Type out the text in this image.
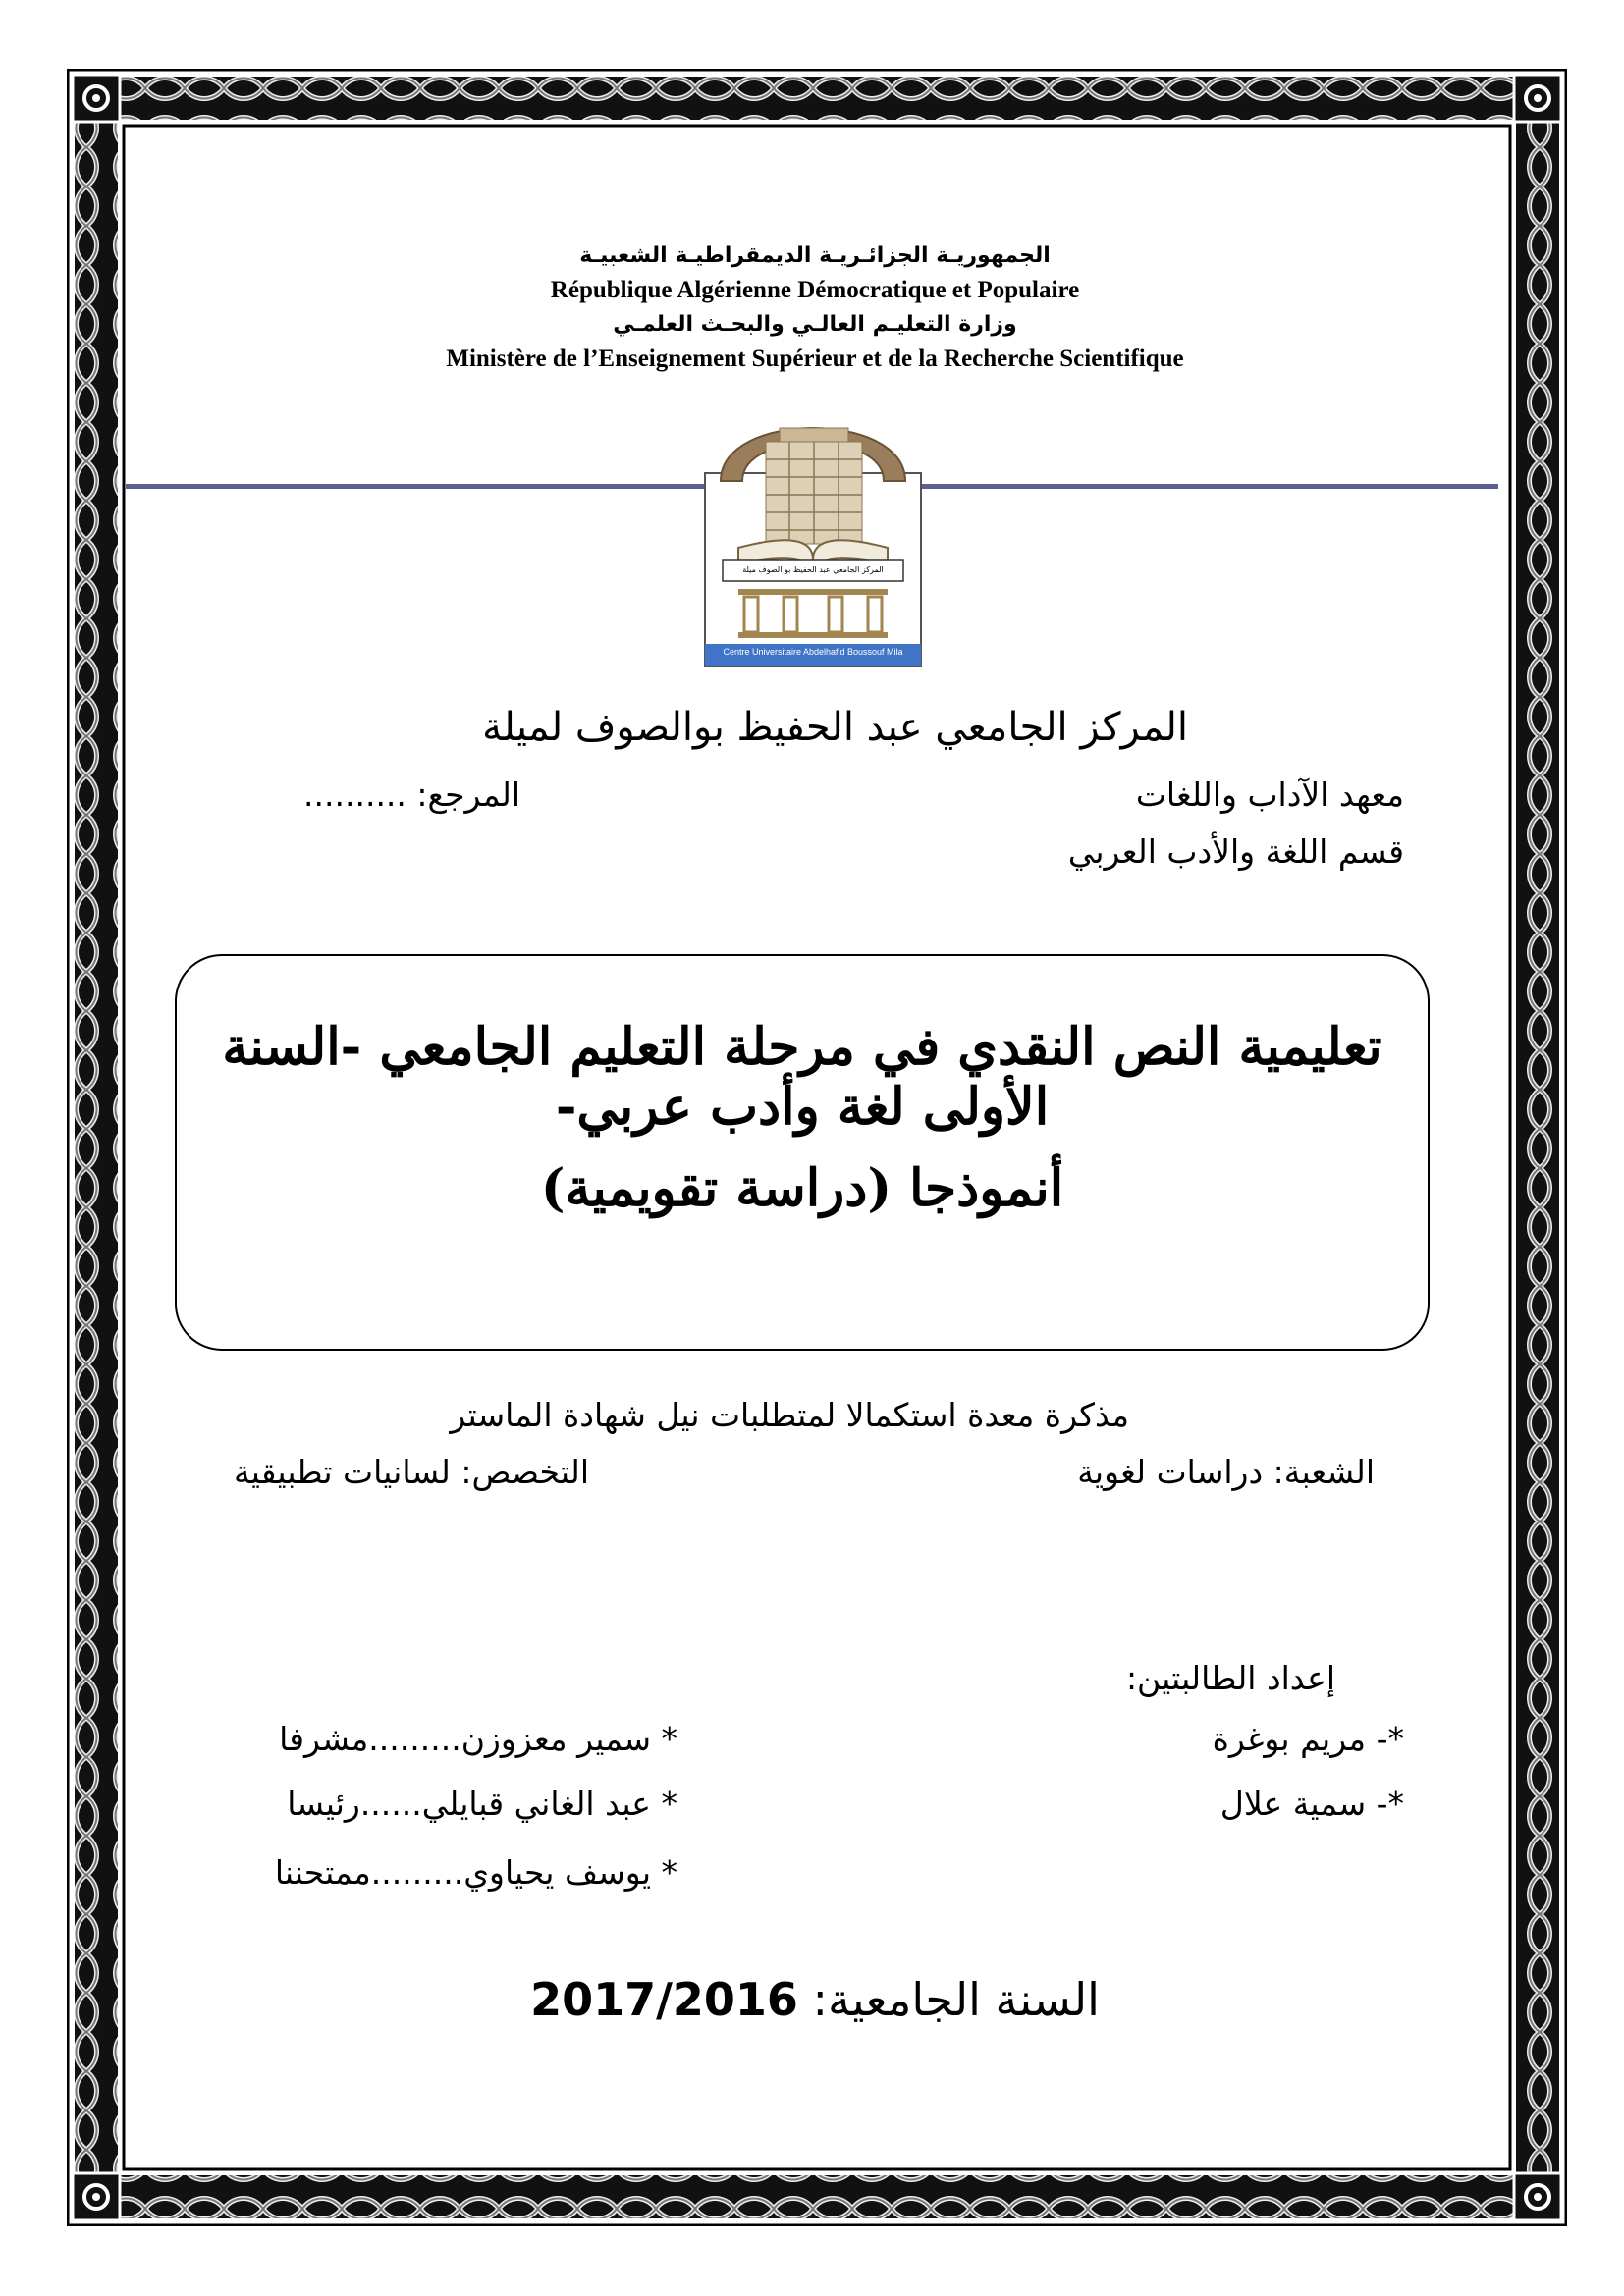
الجمهوريـة الجزائـريـة الديمقراطيـة الشعبيـة
République Algérienne Démocratique et Populaire
وزارة التعليـم العالـي والبحـث العلمـي
Ministère de l’Enseignement Supérieur et de la Recherche Scientifique
المركز الجامعي عبد الحفيظ بو الصوف ميلة
Centre Universitaire Abdelhafid Boussouf Mila
المركز الجامعي عبد الحفيظ بوالصوف لميلة
معهد الآداب واللغات
المرجع: ..........
قسم اللغة والأدب العربي
تعليمية النص النقدي في مرحلة التعليم الجامعي -السنة الأولى لغة وأدب عربي-
أنموذجا (دراسة تقويمية)
مذكرة معدة استكمالا لمتطلبات نيل شهادة الماستر
الشعبة: دراسات لغوية
التخصص: لسانيات تطبيقية
إعداد الطالبتين:
*- مريم بوغرة
*- سمية علال
* سمير معزوزن.........مشرفا
* عبد الغاني قبايلي......رئيسا
* يوسف يحياوي.........ممتحننا
السنة الجامعية: 2017/2016
